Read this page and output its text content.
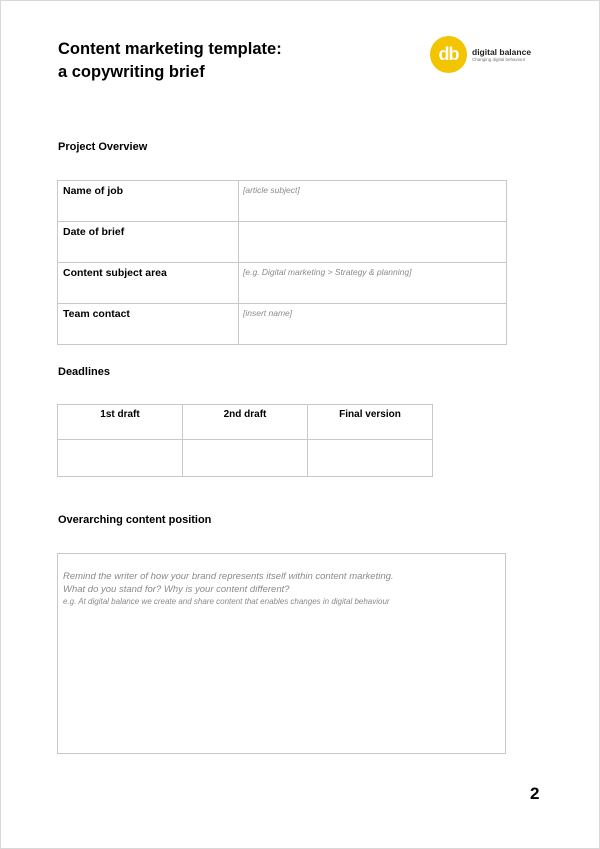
Content marketing template:
a copywriting brief
db	digital balance
Changing digital behaviour
Project Overview
Name of job	[article subject]
Date of brief	
Content subject area	[e.g. Digital marketing > Strategy & planning]
Team contact	[insert name]
Deadlines
1st draft	2nd draft	Final version

Overarching content position
Remind the writer of how your brand represents itself within content marketing.
What do you stand for? Why is your content different?
e.g. At digital balance we create and share content that enables changes in digital behaviour
2
